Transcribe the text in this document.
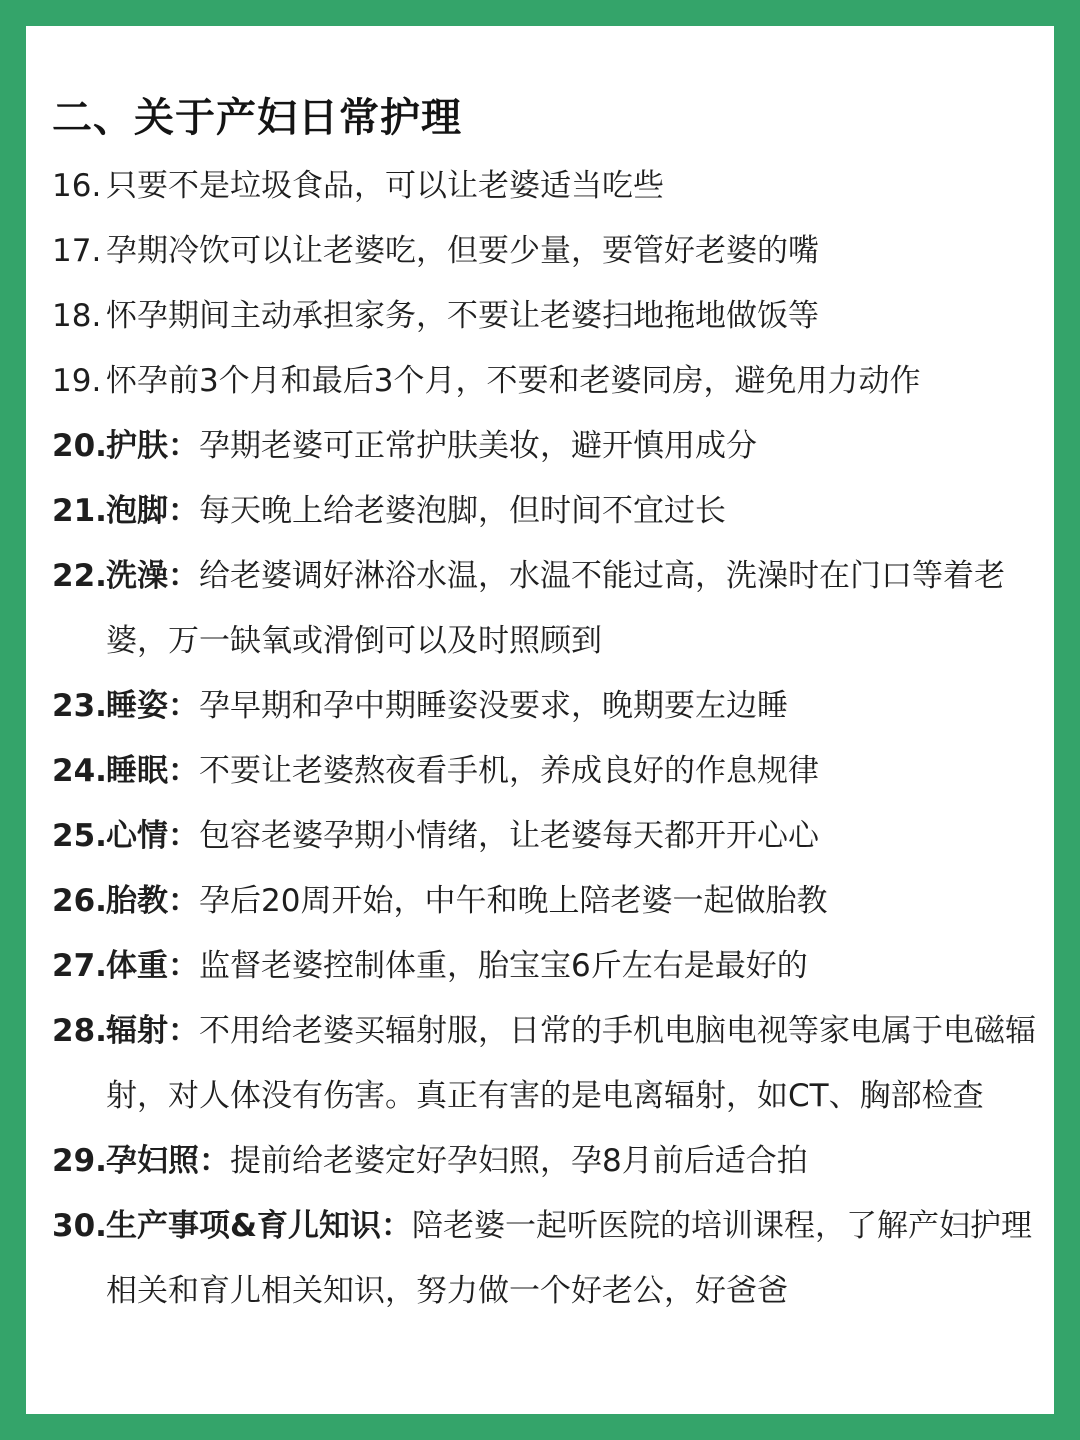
二、关于产妇日常护理
16. 只要不是垃圾食品，可以让老婆适当吃些
17. 孕期冷饮可以让老婆吃，但要少量，要管好老婆的嘴
18. 怀孕期间主动承担家务，不要让老婆扫地拖地做饭等
19. 怀孕前3个月和最后3个月，不要和老婆同房，避免用力动作
20. 护肤：孕期老婆可正常护肤美妆，避开慎用成分
21. 泡脚：每天晚上给老婆泡脚，但时间不宜过长
22. 洗澡：给老婆调好淋浴水温，水温不能过高，洗澡时在门口等着老婆，万一缺氧或滑倒可以及时照顾到
23. 睡姿：孕早期和孕中期睡姿没要求，晚期要左边睡
24. 睡眠：不要让老婆熬夜看手机，养成良好的作息规律
25. 心情：包容老婆孕期小情绪，让老婆每天都开开心心
26. 胎教：孕后20周开始，中午和晚上陪老婆一起做胎教
27. 体重：监督老婆控制体重，胎宝宝6斤左右是最好的
28. 辐射：不用给老婆买辐射服，日常的手机电脑电视等家电属于电磁辐射，对人体没有伤害。真正有害的是电离辐射，如CT、胸部检查
29. 孕妇照：提前给老婆定好孕妇照，孕8月前后适合拍
30. 生产事项&育儿知识：陪老婆一起听医院的培训课程，了解产妇护理相关和育儿相关知识，努力做一个好老公，好爸爸
